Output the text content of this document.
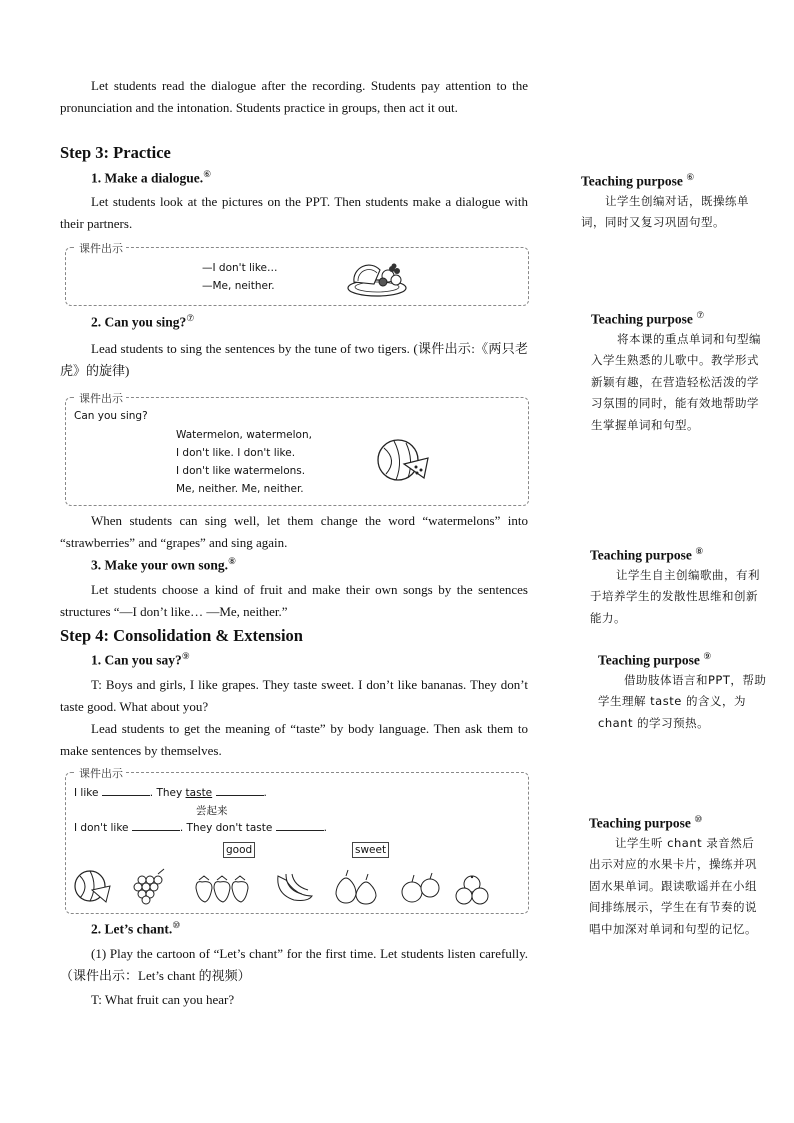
Let students read the dialogue after the recording. Students pay attention to the pronunciation and the intonation. Students practice in groups, then act it out.
Step 3: Practice
1. Make a dialogue.⑥
Let students look at the pictures on the PPT. Then students make a dialogue with their partners.
课件出示
—I don't like…
—Me, neither.
2. Can you sing?⑦
Lead students to sing the sentences by the tune of two tigers. (课件出示:《两只老虎》的旋律)
课件出示
Can you sing?
Watermelon, watermelon,
I don't like. I don't like.
I don't like watermelons.
Me, neither. Me, neither.
When students can sing well, let them change the word “watermelons” into “strawberries” and “grapes” and sing again.
3. Make your own song.⑧
Let students choose a kind of fruit and make their own songs by the sentences structures “—I don’t like… —Me, neither.”
Step 4: Consolidation & Extension
1. Can you say?⑨
T: Boys and girls, I like grapes. They taste sweet. I don’t like bananas. They don’t taste good. What about you?
Lead students to get the meaning of “taste” by body language. Then ask them to make sentences by themselves.
课件出示
I like	. They taste	.
尝起来
I don't like	. They don't taste	.
good	sweet
2. Let’s chant.⑩
(1) Play the cartoon of “Let’s chant” for the first time. Let students listen carefully. （课件出示：Let’s chant 的视频）
T: What fruit can you hear?
Teaching purpose ⑥
让学生创编对话，既操练单词，同时又复习巩固句型。
Teaching purpose ⑦
将本课的重点单词和句型编入学生熟悉的儿歌中。教学形式新颖有趣，在营造轻松活泼的学习氛围的同时，能有效地帮助学生掌握单词和句型。
Teaching purpose ⑧
让学生自主创编歌曲，有利于培养学生的发散性思维和创新能力。
Teaching purpose ⑨
借助肢体语言和PPT，帮助学生理解 taste 的含义，为 chant 的学习预热。
Teaching purpose ⑩
让学生听 chant 录音然后出示对应的水果卡片，操练并巩固水果单词。跟读歌谣并在小组间排练展示，学生在有节奏的说唱中加深对单词和句型的记忆。
